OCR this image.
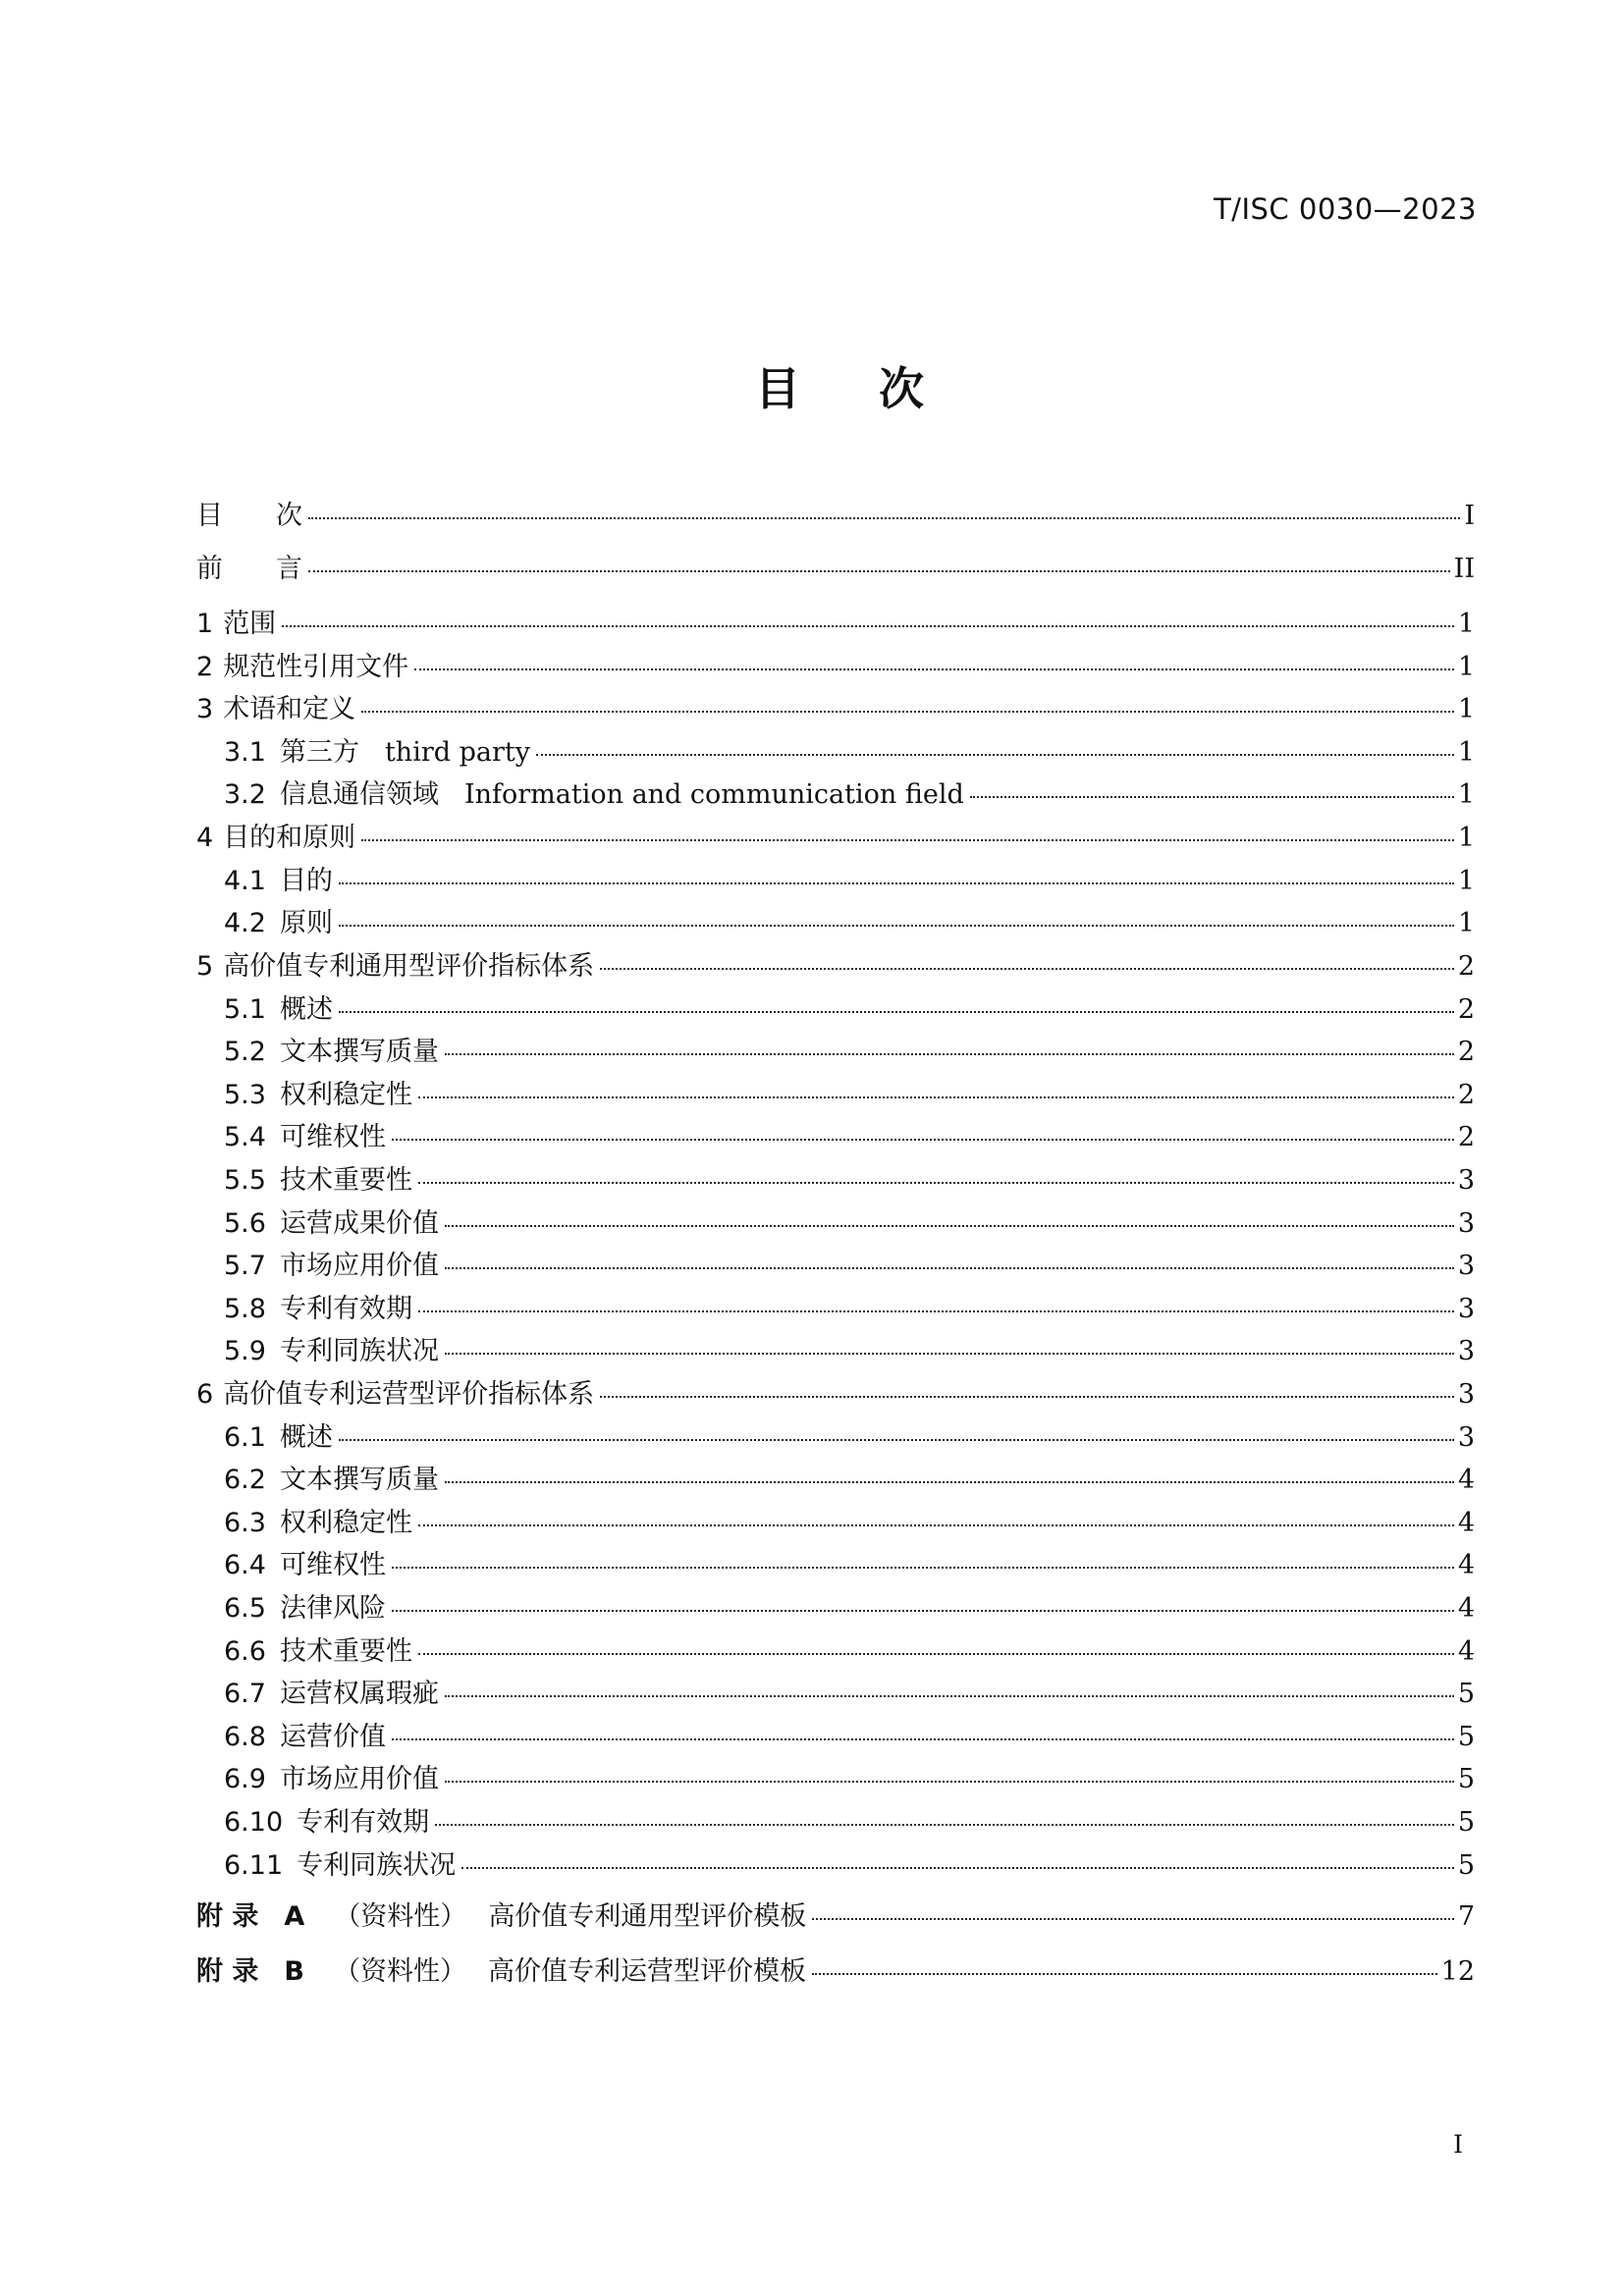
T/ISC 0030—2023
目 次
目 次	I
前 言	II
1 范围	1
2 规范性引用文件	1
3 术语和定义	1
3.1 第三方 third party	1
3.2 信息通信领域 Information and communication field	1
4 目的和原则	1
4.1 目的	1
4.2 原则	1
5 高价值专利通用型评价指标体系	2
5.1 概述	2
5.2 文本撰写质量	2
5.3 权利稳定性	2
5.4 可维权性	2
5.5 技术重要性	3
5.6 运营成果价值	3
5.7 市场应用价值	3
5.8 专利有效期	3
5.9 专利同族状况	3
6 高价值专利运营型评价指标体系	3
6.1 概述	3
6.2 文本撰写质量	4
6.3 权利稳定性	4
6.4 可维权性	4
6.5 法律风险	4
6.6 技术重要性	4
6.7 运营权属瑕疵	5
6.8 运营价值	5
6.9 市场应用价值	5
6.10 专利有效期	5
6.11 专利同族状况	5
附 录 A （资料性） 高价值专利通用型评价模板	7
附 录 B （资料性） 高价值专利运营型评价模板	12
I
